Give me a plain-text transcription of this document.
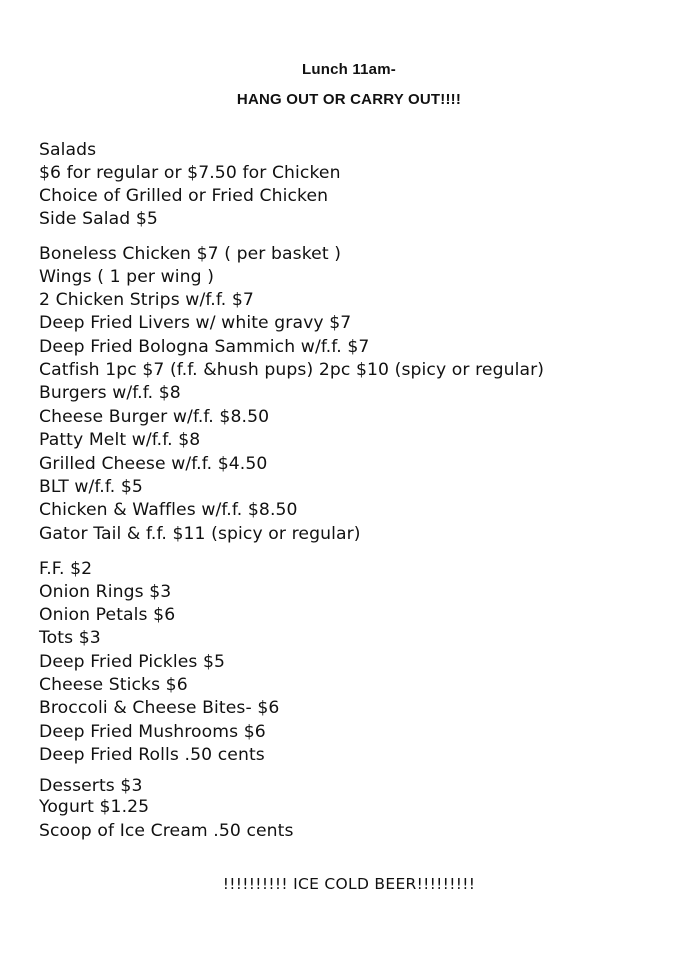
Lunch 11am-
HANG OUT OR CARRY OUT!!!!
Salads
$6 for regular or $7.50 for Chicken
Choice of Grilled or Fried Chicken
Side Salad $5
Boneless Chicken $7 ( per basket )
Wings ( 1 per wing )
2 Chicken Strips w/f.f. $7
Deep Fried Livers w/ white gravy $7
Deep Fried Bologna Sammich w/f.f. $7
Catfish 1pc $7 (f.f. &hush pups) 2pc $10 (spicy or regular)
Burgers w/f.f. $8
Cheese Burger w/f.f. $8.50
Patty Melt w/f.f. $8
Grilled Cheese w/f.f. $4.50
BLT w/f.f. $5
Chicken & Waffles w/f.f. $8.50
Gator Tail & f.f. $11 (spicy or regular)
F.F. $2
Onion Rings $3
Onion Petals $6
Tots $3
Deep Fried Pickles $5
Cheese Sticks $6
Broccoli & Cheese Bites- $6
Deep Fried Mushrooms $6
Deep Fried Rolls .50 cents
Desserts $3
Yogurt $1.25
Scoop of Ice Cream .50 cents
!!!!!!!!!! ICE COLD BEER!!!!!!!!!
